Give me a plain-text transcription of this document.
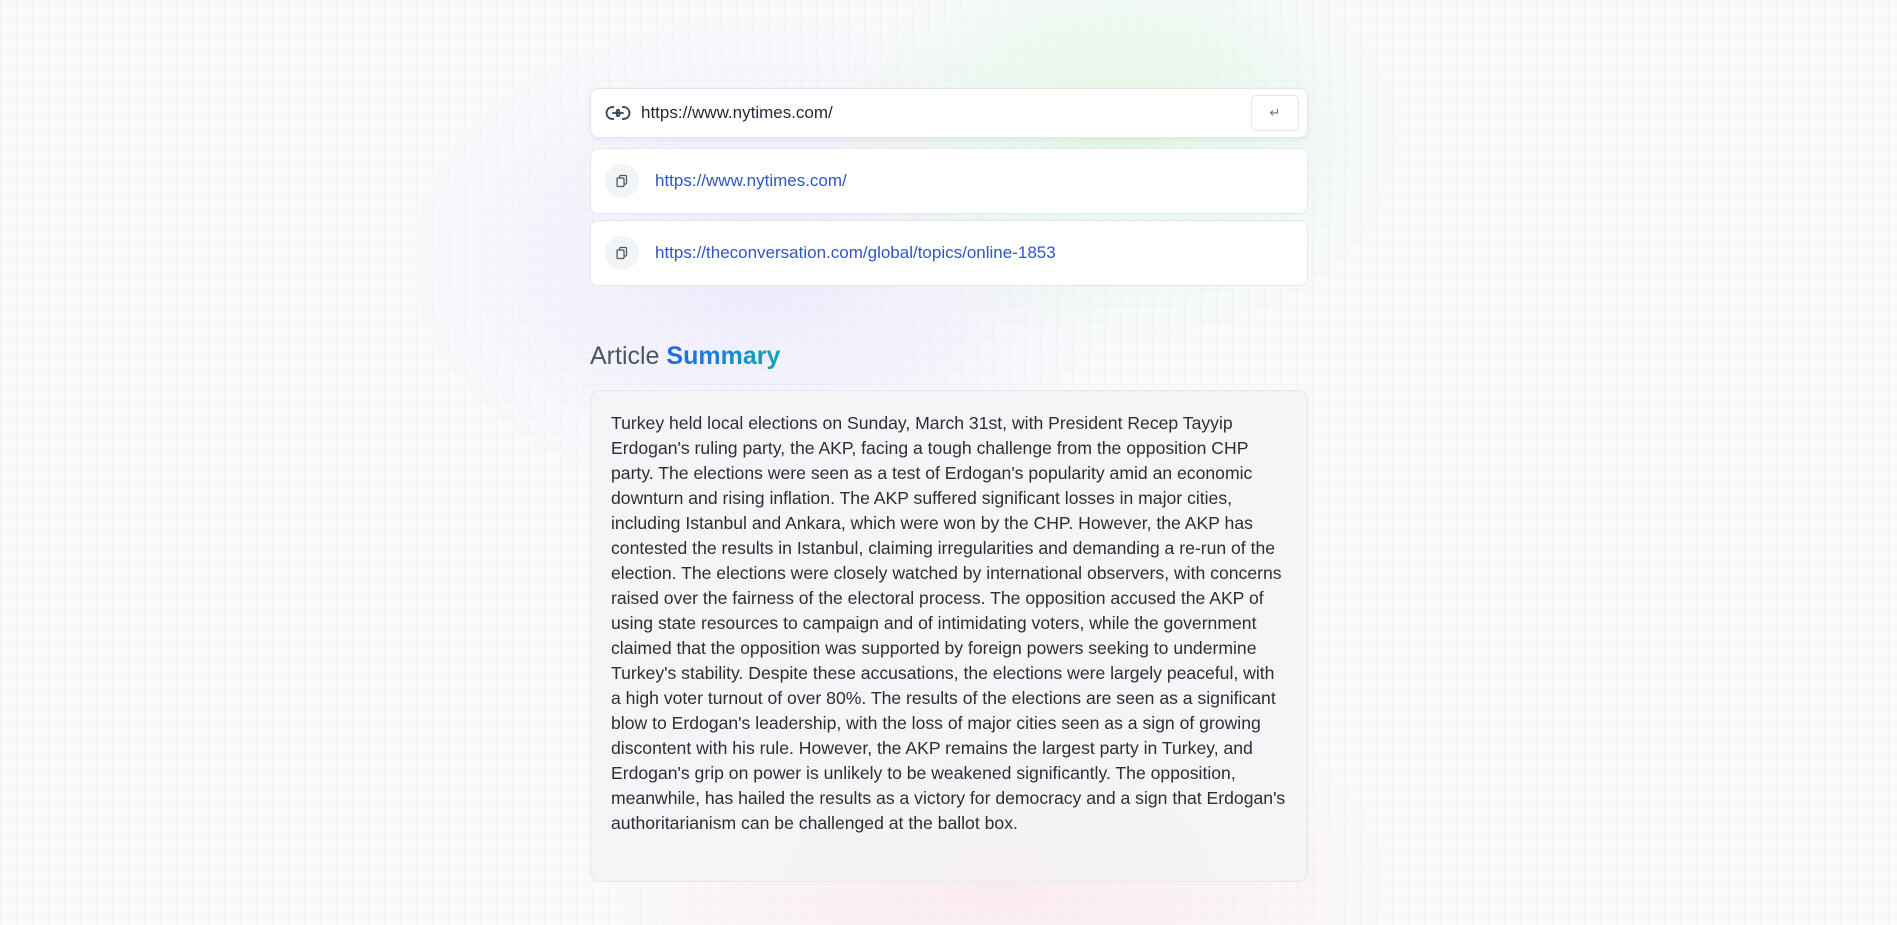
https://www.nytimes.com/
↵
https://www.nytimes.com/
https://theconversation.com/global/topics/online-1853
Article Summary

Turkey held local elections on Sunday, March 31st, with President Recep Tayyip Erdogan's ruling party, the AKP, facing a tough challenge from the opposition CHP party. The elections were seen as a test of Erdogan's popularity amid an economic downturn and rising inflation. The AKP suffered significant losses in major cities, including Istanbul and Ankara, which were won by the CHP. However, the AKP has contested the results in Istanbul, claiming irregularities and demanding a re-run of the election. The elections were closely watched by international observers, with concerns raised over the fairness of the electoral process. The opposition accused the AKP of using state resources to campaign and of intimidating voters, while the government claimed that the opposition was supported by foreign powers seeking to undermine Turkey's stability. Despite these accusations, the elections were largely peaceful, with a high voter turnout of over 80%. The results of the elections are seen as a significant blow to Erdogan's leadership, with the loss of major cities seen as a sign of growing discontent with his rule. However, the AKP remains the largest party in Turkey, and Erdogan's grip on power is unlikely to be weakened significantly. The opposition, meanwhile, has hailed the results as a victory for democracy and a sign that Erdogan's authoritarianism can be challenged at the ballot box.
